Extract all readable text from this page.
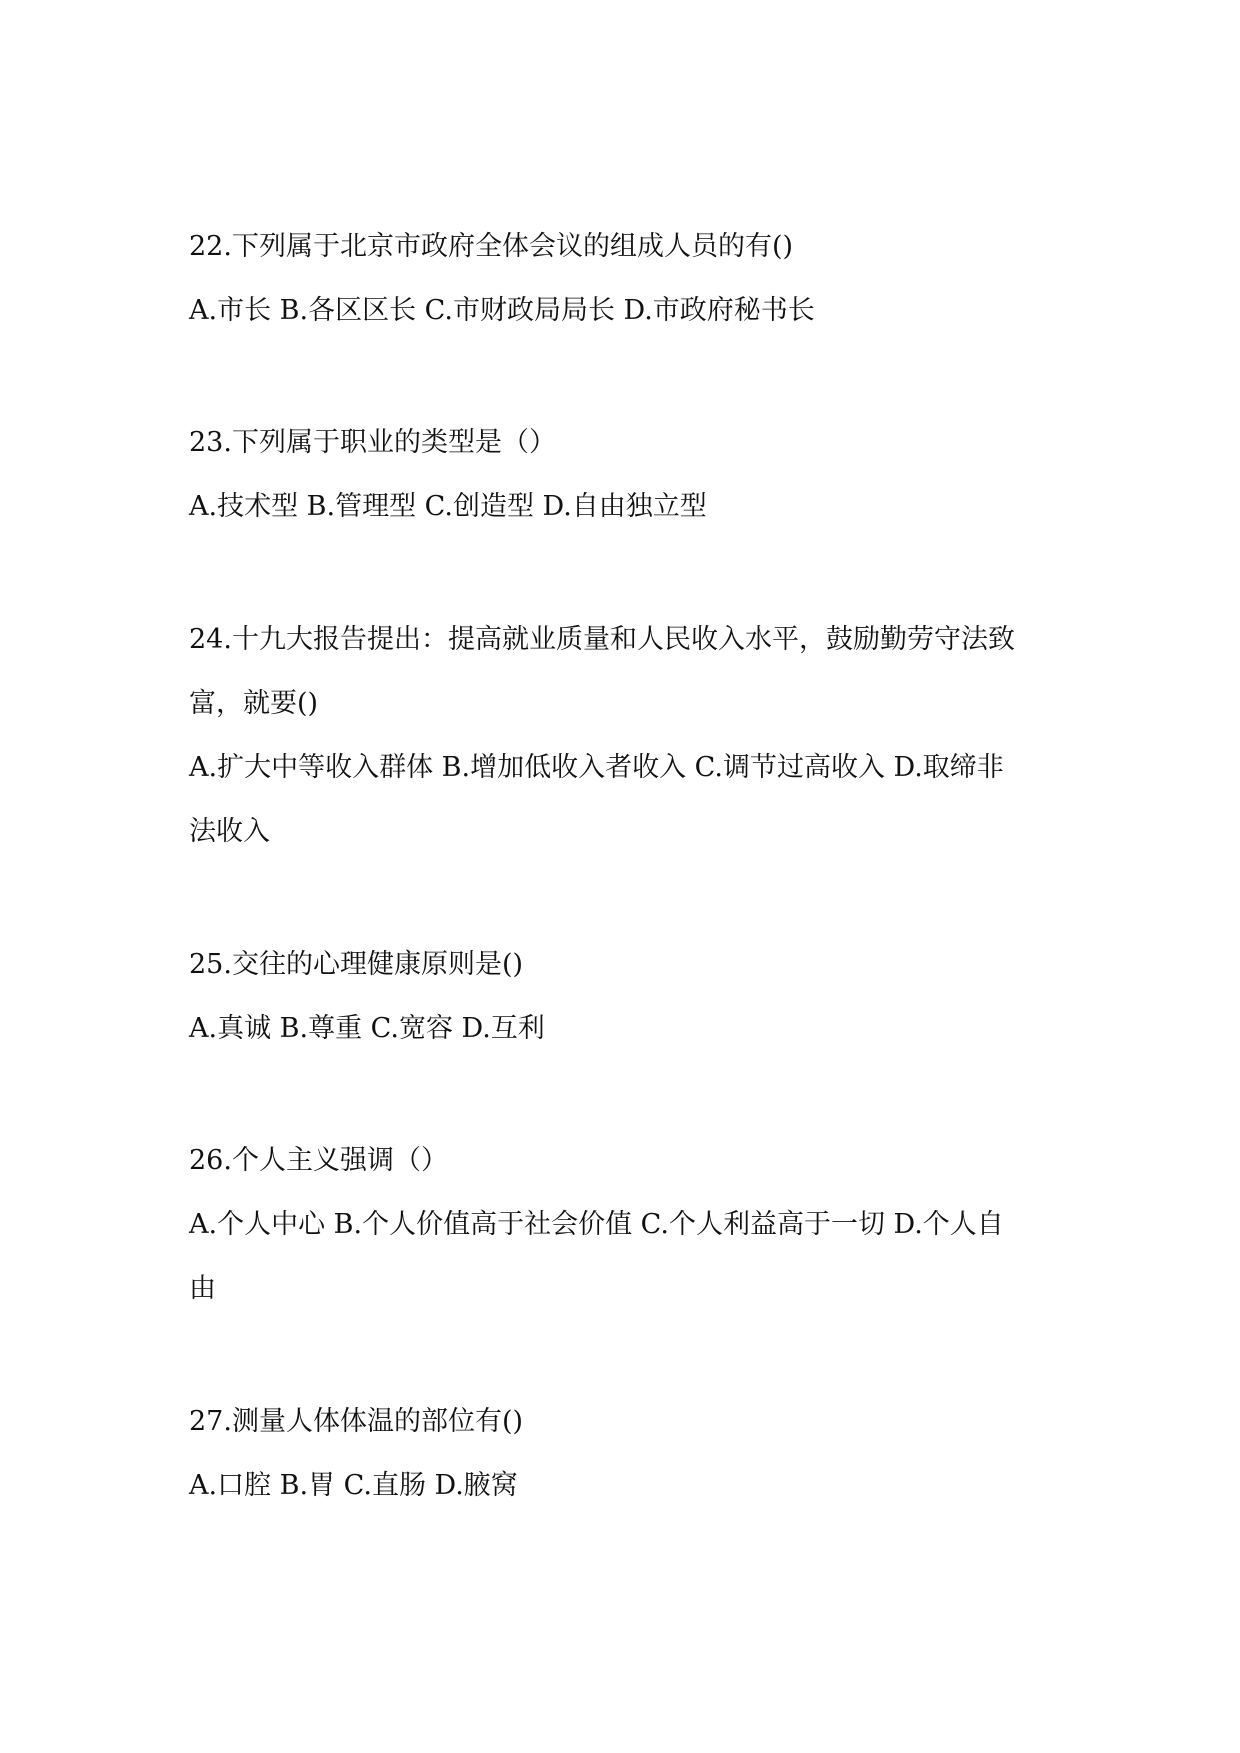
22.下列属于北京市政府全体会议的组成人员的有()
A.市长 B.各区区长 C.市财政局局长 D.市政府秘书长
23.下列属于职业的类型是（）
A.技术型 B.管理型 C.创造型 D.自由独立型
24.十九大报告提出：提高就业质量和人民收入水平，鼓励勤劳守法致
富，就要()
A.扩大中等收入群体 B.增加低收入者收入 C.调节过高收入 D.取缔非
法收入
25.交往的心理健康原则是()
A.真诚 B.尊重 C.宽容 D.互利
26.个人主义强调（）
A.个人中心 B.个人价值高于社会价值 C.个人利益高于一切 D.个人自
由
27.测量人体体温的部位有()
A.口腔 B.胃 C.直肠 D.腋窝
